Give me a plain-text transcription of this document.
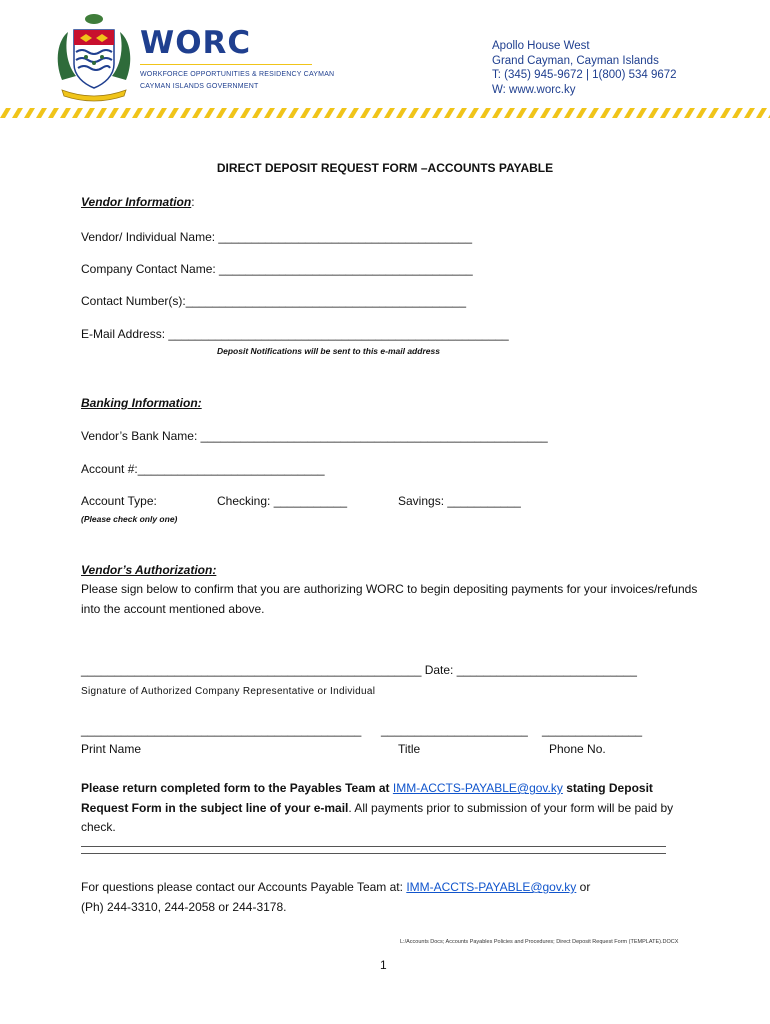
WORC
WORKFORCE OPPORTUNITIES & RESIDENCY CAYMAN
CAYMAN ISLANDS GOVERNMENT
Apollo House West
Grand Cayman, Cayman Islands
T: (345) 945-9672 | 1(800) 534 9672
W: www.worc.ky
DIRECT DEPOSIT REQUEST FORM –ACCOUNTS PAYABLE
Vendor Information:
Vendor/ Individual Name: ______________________________________
Company Contact Name: ______________________________________
Contact Number(s):__________________________________________
E-Mail Address: ___________________________________________________
Deposit Notifications will be sent to this e-mail address
Banking Information:
Vendor’s Bank Name: ____________________________________________________
Account #:____________________________
Account Type:	Checking: ___________	Savings: ___________
(Please check only one)
Vendor’s Authorization:
Please sign below to confirm that you are authorizing WORC to begin depositing payments for your invoices/refunds into the account mentioned above.
___________________________________________________ Date: ___________________________
Signature of Authorized Company Representative or Individual
__________________________________________ ______________________ _______________
Print Name	Title	Phone No.
Please return completed form to the Payables Team at IMM-ACCTS-PAYABLE@gov.ky stating Deposit Request Form in the subject line of your e-mail. All payments prior to submission of your form will be paid by check.
For questions please contact our Accounts Payable Team at: IMM-ACCTS-PAYABLE@gov.ky or
(Ph) 244-3310, 244-2058 or 244-3178.
L:/Accounts Docs; Accounts Payables Policies and Procedures; Direct Deposit Request Form (TEMPLATE).DOCX
1
